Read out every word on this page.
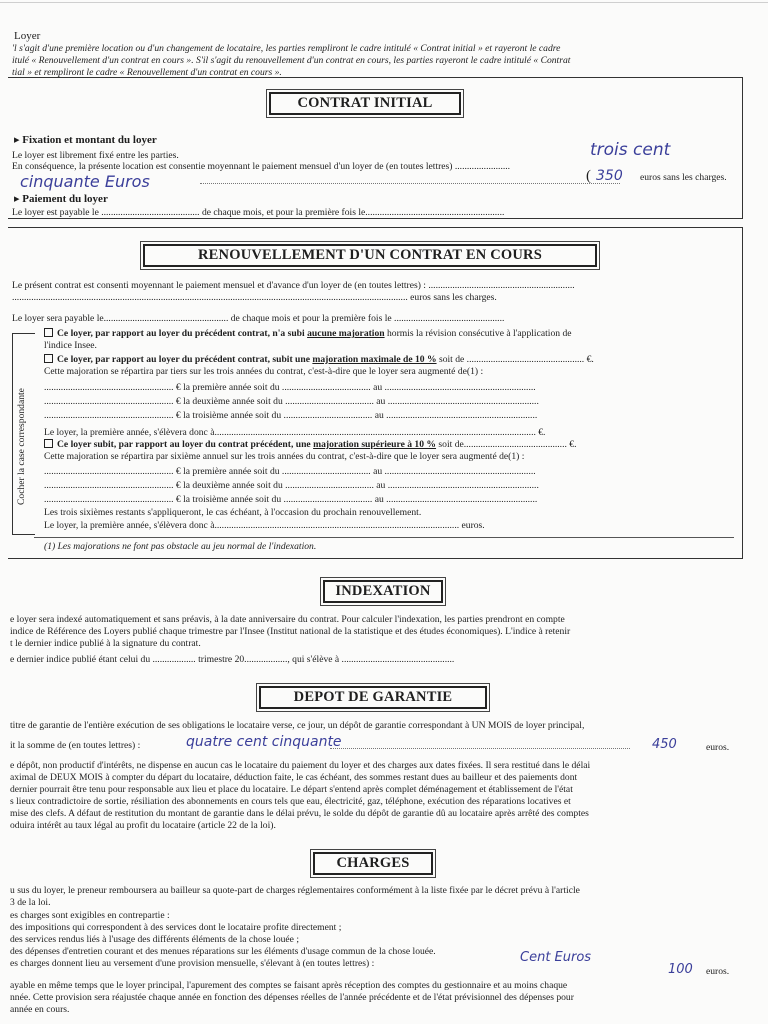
Loyer
'l s'agit d'une première location ou d'un changement de locataire, les parties rempliront le cadre intitulé « Contrat initial » et rayeront le cadre
itulé « Renouvellement d'un contrat en cours ». S'il s'agit du renouvellement d'un contrat en cours, les parties rayeront le cadre intitulé « Contrat
tial » et rempliront le cadre « Renouvellement d'un contrat en cours ».
CONTRAT INITIAL
▸ Fixation et montant du loyer
Le loyer est librement fixé entre les parties.
En conséquence, la présente location est consentie moyennant le paiement mensuel d'un loyer de (en toutes lettres) .......................
trois cent
cinquante Euros	( 350 euros sans les charges.
▸ Paiement du loyer
Le loyer est payable le ......................................... de chaque mois, et pour la première fois le..........................................................
RENOUVELLEMENT D'UN CONTRAT EN COURS
Le présent contrat est consenti moyennant le paiement mensuel et d'avance d'un loyer de (en toutes lettres) : .............................................................
..................................................................................................................................................................... euros sans les charges.
Le loyer sera payable le.................................................... de chaque mois et pour la première fois le ..............................................
Cocher la case correspondante
Ce loyer, par rapport au loyer du précédent contrat, n'a subi aucune majoration hormis la révision consécutive à l'application de
l'indice Insee.
Ce loyer, par rapport au loyer du précédent contrat, subit une majoration maximale de 10 % soit de ................................................. €.
Cette majoration se répartira par tiers sur les trois années du contrat, c'est-à-dire que le loyer sera augmenté de(1) :
...................................................... € la première année soit du ..................................... au ...............................................................
...................................................... € la deuxième année soit du ..................................... au ...............................................................
...................................................... € la troisième année soit du ..................................... au ...............................................................
Le loyer, la première année, s'élèvera donc à...................................................................................................................................... €.
Ce loyer subit, par rapport au loyer du contrat précédent, une majoration supérieure à 10 % soit de........................................... €.
Cette majoration se répartira par sixième annuel sur les trois années du contrat, c'est-à-dire que le loyer sera augmenté de(1) :
...................................................... € la première année soit du ..................................... au ...............................................................
...................................................... € la deuxième année soit du ..................................... au ...............................................................
...................................................... € la troisième année soit du ..................................... au ...............................................................
Les trois sixièmes restants s'appliqueront, le cas échéant, à l'occasion du prochain renouvellement.
Le loyer, la première année, s'élèvera donc à...................................................................................................... euros.
(1) Les majorations ne font pas obstacle au jeu normal de l'indexation.
INDEXATION
e loyer sera indexé automatiquement et sans préavis, à la date anniversaire du contrat. Pour calculer l'indexation, les parties prendront en compte
indice de Référence des Loyers publié chaque trimestre par l'Insee (Institut national de la statistique et des études économiques). L'indice à retenir
t le dernier indice publié à la signature du contrat.
e dernier indice publié étant celui du .................. trimestre 20.................., qui s'élève à ...............................................
DEPOT DE GARANTIE
titre de garantie de l'entière exécution de ses obligations le locataire verse, ce jour, un dépôt de garantie correspondant à UN MOIS de loyer principal,
it la somme de (en toutes lettres) :	quatre cent cinquante	450	euros.
e dépôt, non productif d'intérêts, ne dispense en aucun cas le locataire du paiement du loyer et des charges aux dates fixées. Il sera restitué dans le délai
aximal de DEUX MOIS à compter du départ du locataire, déduction faite, le cas échéant, des sommes restant dues au bailleur et des paiements dont
dernier pourrait être tenu pour responsable aux lieu et place du locataire. Le départ s'entend après complet déménagement et établissement de l'état
s lieux contradictoire de sortie, résiliation des abonnements en cours tels que eau, électricité, gaz, téléphone, exécution des réparations locatives et
mise des clefs. A défaut de restitution du montant de garantie dans le délai prévu, le solde du dépôt de garantie dû au locataire après arrêté des comptes
oduira intérêt au taux légal au profit du locataire (article 22 de la loi).
CHARGES
u sus du loyer, le preneur remboursera au bailleur sa quote-part de charges réglementaires conformément à la liste fixée par le décret prévu à l'article
3 de la loi.
es charges sont exigibles en contrepartie :
des impositions qui correspondent à des services dont le locataire profite directement ;
des services rendus liés à l'usage des différents éléments de la chose louée ;
des dépenses d'entretien courant et des menues réparations sur les éléments d'usage commun de la chose louée.
es charges donnent lieu au versement d'une provision mensuelle, s'élevant à (en toutes lettres) :	Cent Euros
100 euros.
ayable en même temps que le loyer principal, l'apurement des comptes se faisant après réception des comptes du gestionnaire et au moins chaque
nnée. Cette provision sera réajustée chaque année en fonction des dépenses réelles de l'année précédente et de l'état prévisionnel des dépenses pour
année en cours.
